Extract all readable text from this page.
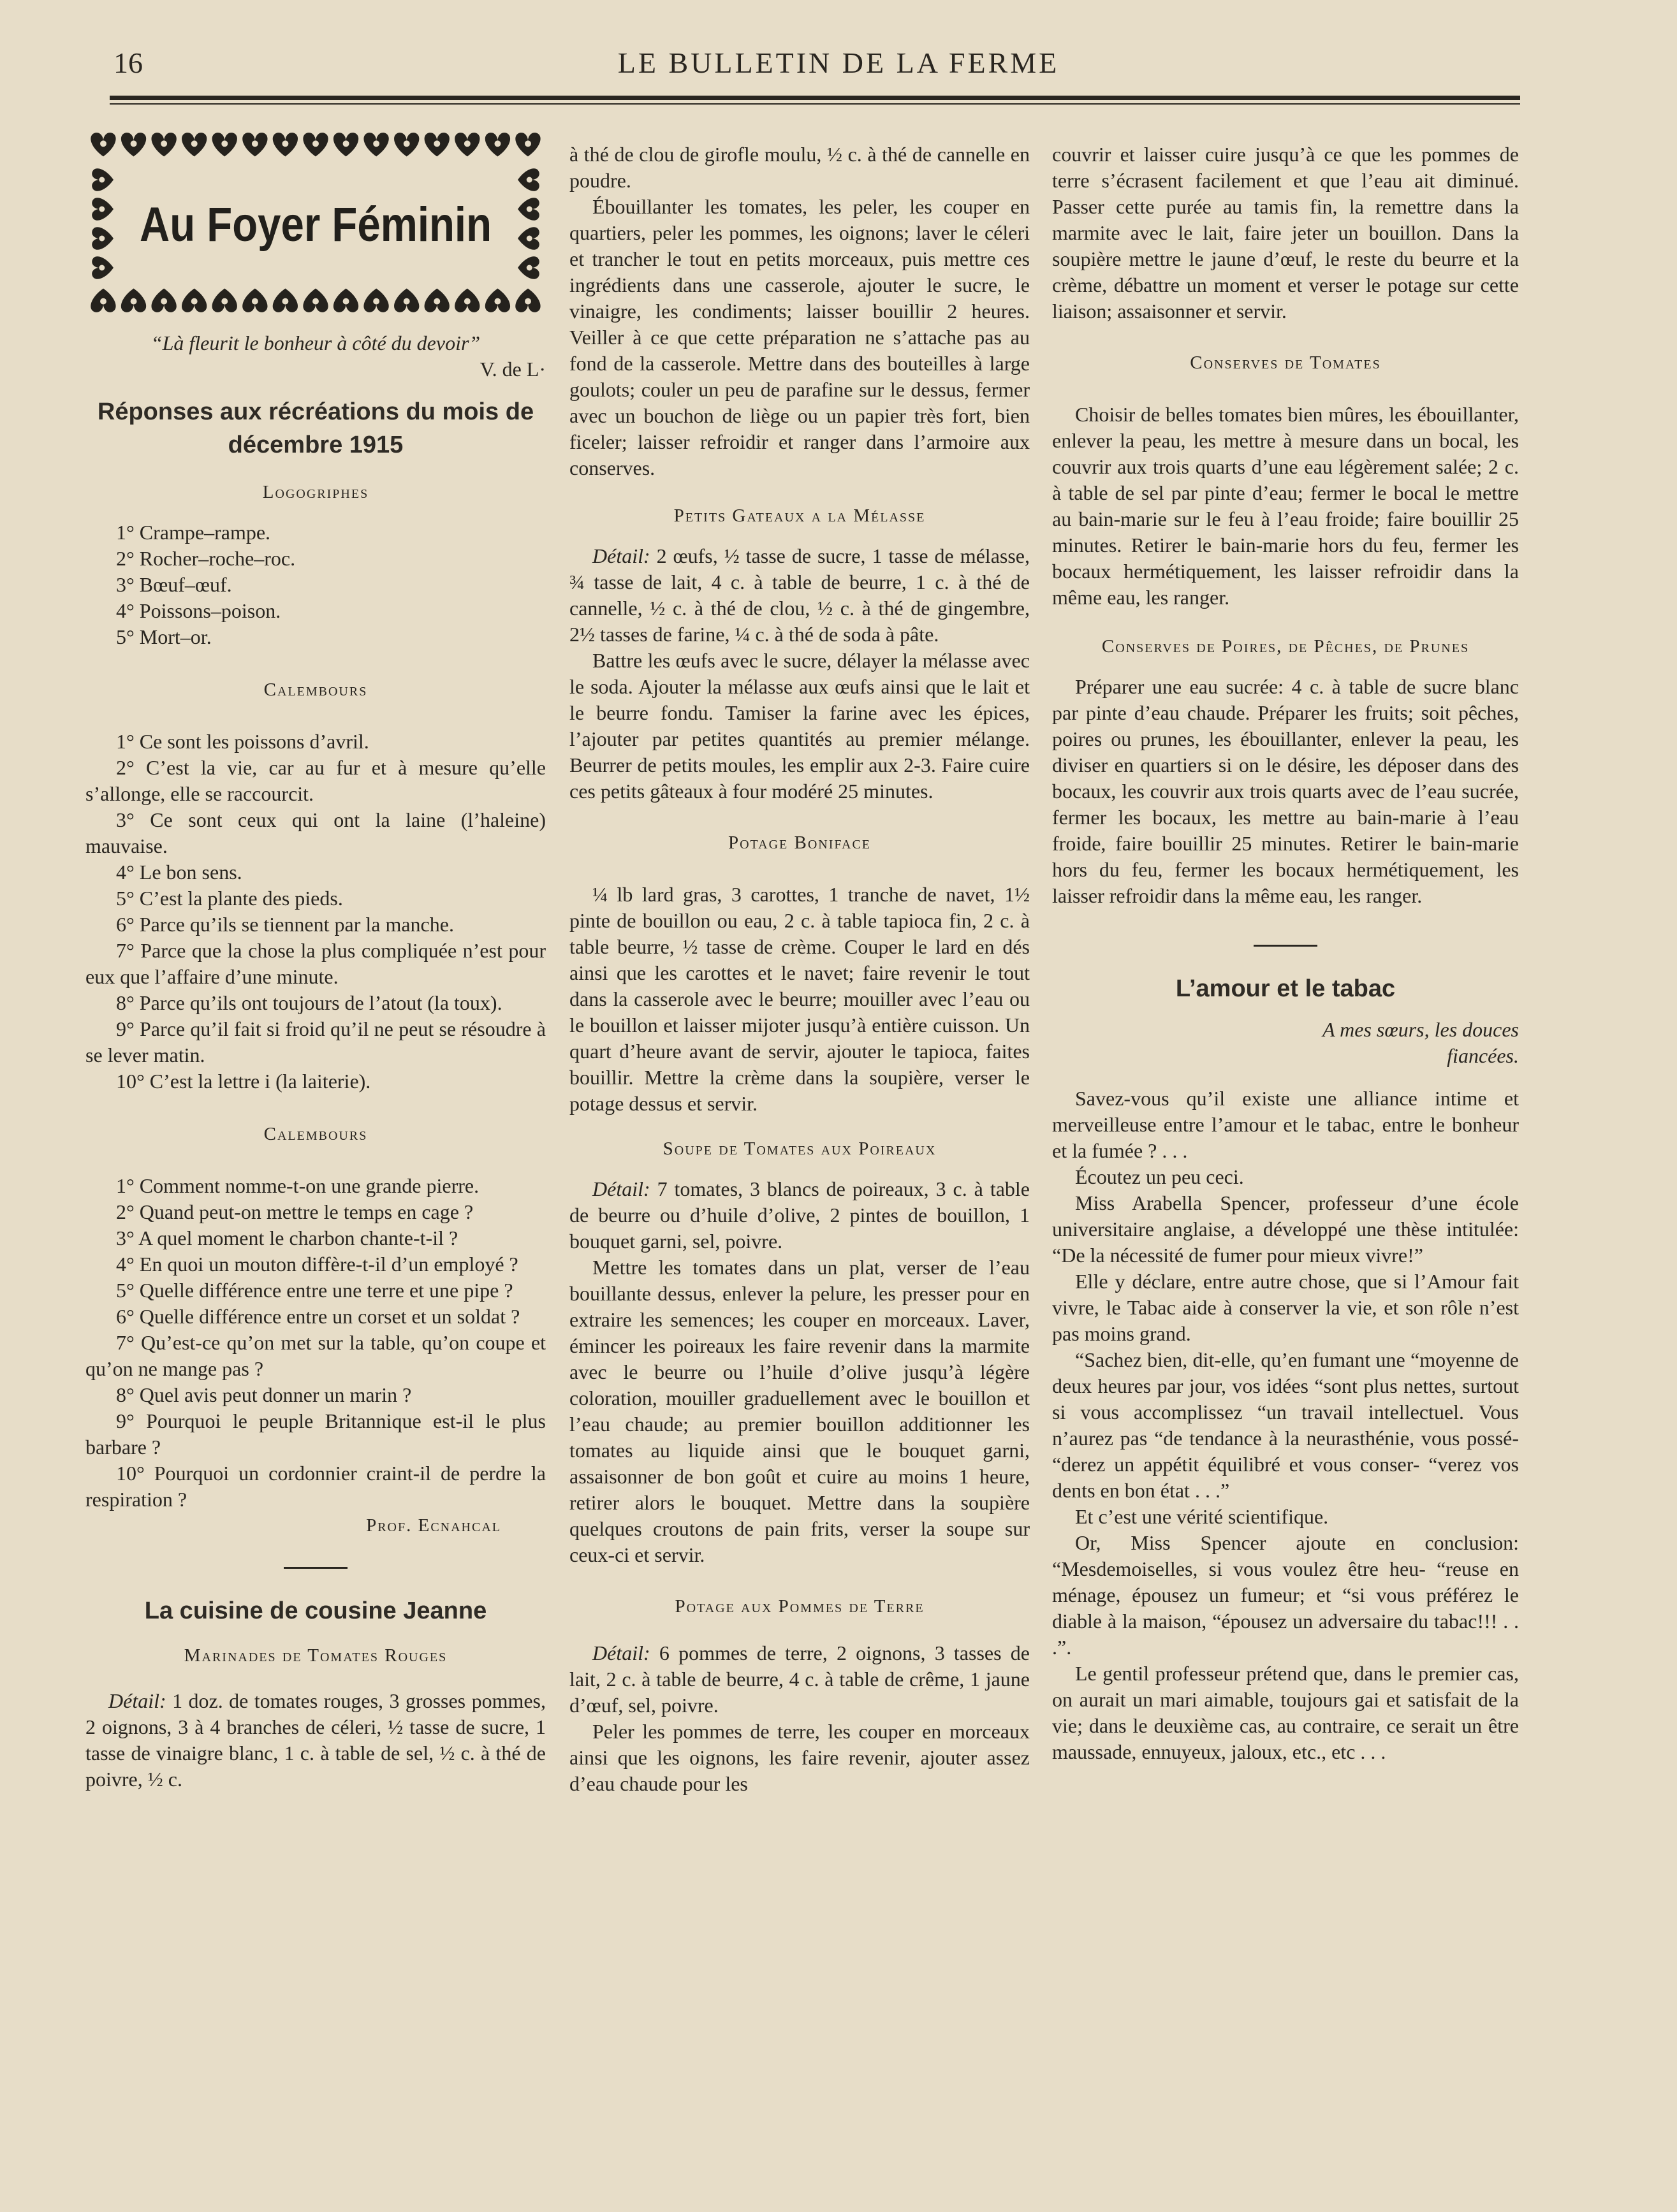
16	LE BULLETIN DE LA FERME
Au Foyer Féminin

“Là fleurit le bonheur à côté du devoir”

V. de L·

Réponses aux récréations du mois de décembre 1915
Logogriphes

1° Crampe–rampe.

2° Rocher–roche–roc.

3° Bœuf–œuf.

4° Poissons–poison.

5° Mort–or.

Calembours

1° Ce sont les poissons d’avril.

2° C’est la vie, car au fur et à mesure qu’elle s’allonge, elle se raccourcit.

3° Ce sont ceux qui ont la laine (l’haleine) mauvaise.

4° Le bon sens.

5° C’est la plante des pieds.

6° Parce qu’ils se tiennent par la manche.

7° Parce que la chose la plus compliquée n’est pour eux que l’affaire d’une minute.

8° Parce qu’ils ont toujours de l’atout (la toux).

9° Parce qu’il fait si froid qu’il ne peut se résoudre à se lever matin.

10° C’est la lettre i (la laiterie).

Calembours

1° Comment nomme-t-on une grande pierre.

2° Quand peut-on mettre le temps en cage ?

3° A quel moment le charbon chante-t-il ?

4° En quoi un mouton diffère-t-il d’un employé ?

5° Quelle différence entre une terre et une pipe ?

6° Quelle différence entre un corset et un soldat ?

7° Qu’est-ce qu’on met sur la table, qu’on coupe et qu’on ne mange pas ?

8° Quel avis peut donner un marin ?

9° Pourquoi le peuple Britannique est-il le plus barbare ?

10° Pourquoi un cordonnier craint-il de perdre la respiration ?

Prof. Ecnahcal

La cuisine de cousine Jeanne
Marinades de Tomates Rouges

Détail: 1 doz. de tomates rouges, 3 grosses pommes, 2 oignons, 3 à 4 branches de céleri, ½ tasse de sucre, 1 tasse de vinaigre blanc, 1 c. à table de sel, ½ c. à thé de poivre, ½ c.

à thé de clou de girofle moulu, ½ c. à thé de cannelle en poudre.

Ébouillanter les tomates, les peler, les couper en quartiers, peler les pommes, les oignons; laver le céleri et trancher le tout en petits morceaux, puis mettre ces ingrédients dans une casserole, ajouter le sucre, le vinaigre, les condiments; laisser bouillir 2 heures. Veiller à ce que cette préparation ne s’attache pas au fond de la casserole. Mettre dans des bouteilles à large goulots; couler un peu de parafine sur le dessus, fermer avec un bouchon de liège ou un papier très fort, bien ficeler; laisser refroidir et ranger dans l’armoire aux conserves.

Petits Gateaux a la Mélasse

Détail: 2 œufs, ½ tasse de sucre, 1 tasse de mélasse, ¾ tasse de lait, 4 c. à table de beurre, 1 c. à thé de cannelle, ½ c. à thé de clou, ½ c. à thé de gingembre, 2½ tasses de farine, ¼ c. à thé de soda à pâte.

Battre les œufs avec le sucre, délayer la mélasse avec le soda. Ajouter la mélasse aux œufs ainsi que le lait et le beurre fondu. Tamiser la farine avec les épices, l’ajouter par petites quantités au premier mélange. Beurrer de petits moules, les emplir aux 2-3. Faire cuire ces petits gâteaux à four modéré 25 minutes.

Potage Boniface

¼ lb lard gras, 3 carottes, 1 tranche de navet, 1½ pinte de bouillon ou eau, 2 c. à table tapioca fin, 2 c. à table beurre, ½ tasse de crème. Couper le lard en dés ainsi que les carottes et le navet; faire revenir le tout dans la casserole avec le beurre; mouiller avec l’eau ou le bouillon et laisser mijoter jusqu’à entière cuisson. Un quart d’heure avant de servir, ajouter le tapioca, faites bouillir. Mettre la crème dans la soupière, verser le potage dessus et servir.

Soupe de Tomates aux Poireaux

Détail: 7 tomates, 3 blancs de poireaux, 3 c. à table de beurre ou d’huile d’olive, 2 pintes de bouillon, 1 bouquet garni, sel, poivre.

Mettre les tomates dans un plat, verser de l’eau bouillante dessus, enlever la pelure, les presser pour en extraire les semences; les couper en morceaux. Laver, émincer les poireaux les faire revenir dans la marmite avec le beurre ou l’huile d’olive jusqu’à légère coloration, mouiller graduellement avec le bouillon et l’eau chaude; au premier bouillon additionner les tomates au liquide ainsi que le bouquet garni, assaisonner de bon goût et cuire au moins 1 heure, retirer alors le bouquet. Mettre dans la soupière quelques croutons de pain frits, verser la soupe sur ceux-ci et servir.

Potage aux Pommes de Terre

Détail: 6 pommes de terre, 2 oignons, 3 tasses de lait, 2 c. à table de beurre, 4 c. à table de crême, 1 jaune d’œuf, sel, poivre.

Peler les pommes de terre, les couper en morceaux ainsi que les oignons, les faire revenir, ajouter assez d’eau chaude pour les

couvrir et laisser cuire jusqu’à ce que les pommes de terre s’écrasent facilement et que l’eau ait diminué. Passer cette purée au tamis fin, la remettre dans la marmite avec le lait, faire jeter un bouillon. Dans la soupière mettre le jaune d’œuf, le reste du beurre et la crème, débattre un moment et verser le potage sur cette liaison; assaisonner et servir.

Conserves de Tomates

Choisir de belles tomates bien mûres, les ébouillanter, enlever la peau, les mettre à mesure dans un bocal, les couvrir aux trois quarts d’une eau légèrement salée; 2 c. à table de sel par pinte d’eau; fermer le bocal le mettre au bain-marie sur le feu à l’eau froide; faire bouillir 25 minutes. Retirer le bain-marie hors du feu, fermer les bocaux hermétiquement, les laisser refroidir dans la même eau, les ranger.

Conserves de Poires, de Pêches, de Prunes

Préparer une eau sucrée: 4 c. à table de sucre blanc par pinte d’eau chaude. Préparer les fruits; soit pêches, poires ou prunes, les ébouillanter, enlever la peau, les diviser en quartiers si on le désire, les déposer dans des bocaux, les couvrir aux trois quarts avec de l’eau sucrée, fermer les bocaux, les mettre au bain-marie à l’eau froide, faire bouillir 25 minutes. Retirer le bain-marie hors du feu, fermer les bocaux hermétiquement, les laisser refroidir dans la même eau, les ranger.

L’amour et le tabac

A mes sœurs, les douces fiancées.

Savez-vous qu’il existe une alliance intime et merveilleuse entre l’amour et le tabac, entre le bonheur et la fumée ? . . .

Écoutez un peu ceci.

Miss Arabella Spencer, professeur d’une école universitaire anglaise, a développé une thèse intitulée: “De la nécessité de fumer pour mieux vivre!”

Elle y déclare, entre autre chose, que si l’Amour fait vivre, le Tabac aide à conserver la vie, et son rôle n’est pas moins grand.

“Sachez bien, dit-elle, qu’en fumant une “moyenne de deux heures par jour, vos idées “sont plus nettes, surtout si vous accomplissez “un travail intellectuel. Vous n’aurez pas “de tendance à la neurasthénie, vous possé- “derez un appétit équilibré et vous conser- “verez vos dents en bon état . . .”

Et c’est une vérité scientifique.

Or, Miss Spencer ajoute en conclusion: “Mesdemoiselles, si vous voulez être heu- “reuse en ménage, épousez un fumeur; et “si vous préférez le diable à la maison, “épousez un adversaire du tabac!!! . . .”.

Le gentil professeur prétend que, dans le premier cas, on aurait un mari aimable, toujours gai et satisfait de la vie; dans le deuxième cas, au contraire, ce serait un être maussade, ennuyeux, jaloux, etc., etc . . .
